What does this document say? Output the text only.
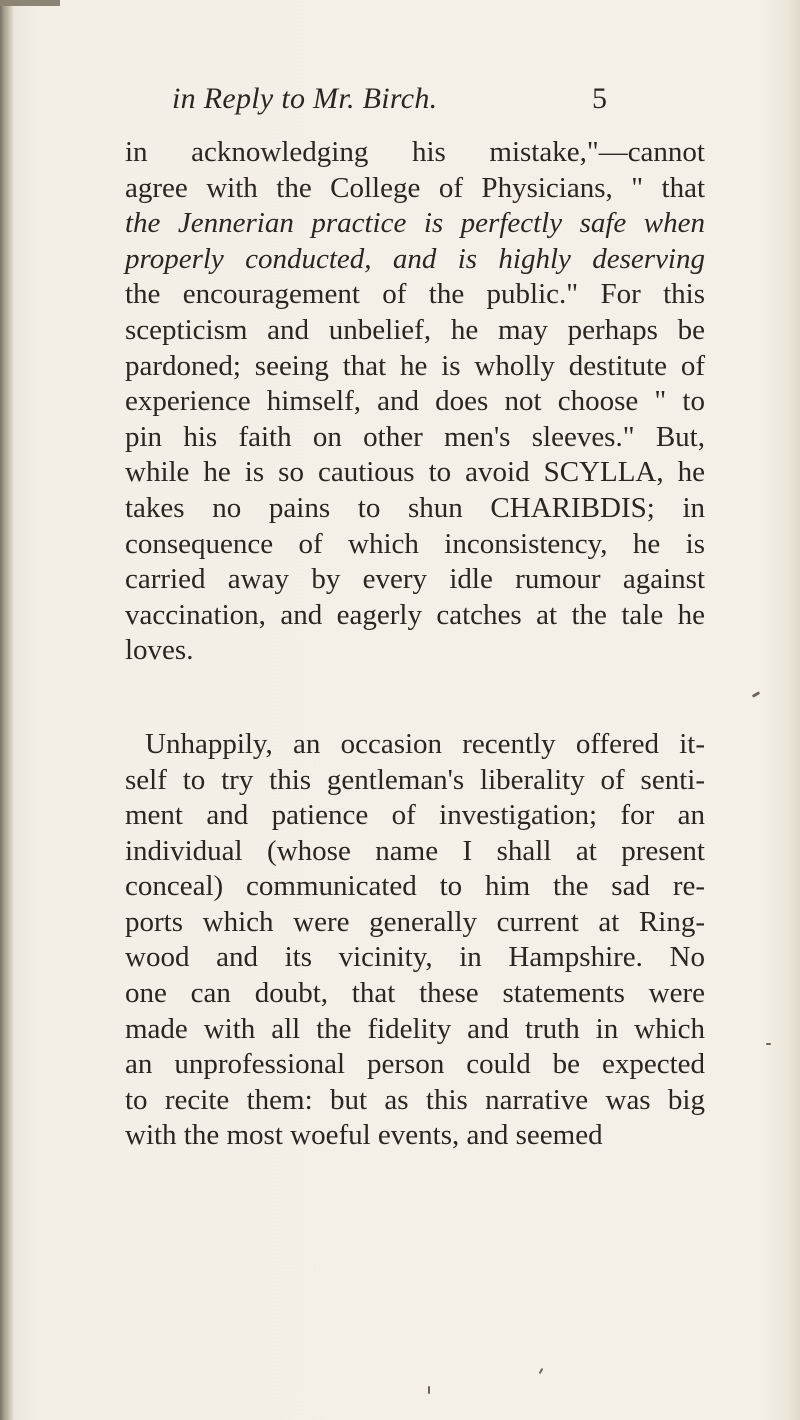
in Reply to Mr. Birch.	5
in acknowledging his mistake,"—cannot
agree with the College of Physicians, " that
the Jennerian practice is perfectly safe when
properly conducted, and is highly deserving
the encouragement of the public." For this
scepticism and unbelief, he may perhaps be
pardoned; seeing that he is wholly destitute of
experience himself, and does not choose " to
pin his faith on other men's sleeves." But,
while he is so cautious to avoid SCYLLA, he
takes no pains to shun CHARIBDIS; in
consequence of which inconsistency, he is
carried away by every idle rumour against
vaccination, and eagerly catches at the tale he
loves.
Unhappily, an occasion recently offered it-
self to try this gentleman's liberality of senti-
ment and patience of investigation; for an
individual (whose name I shall at present
conceal) communicated to him the sad re-
ports which were generally current at Ring-
wood and its vicinity, in Hampshire. No
one can doubt, that these statements were
made with all the fidelity and truth in which
an unprofessional person could be expected
to recite them: but as this narrative was big
with the most woeful events, and seemed
